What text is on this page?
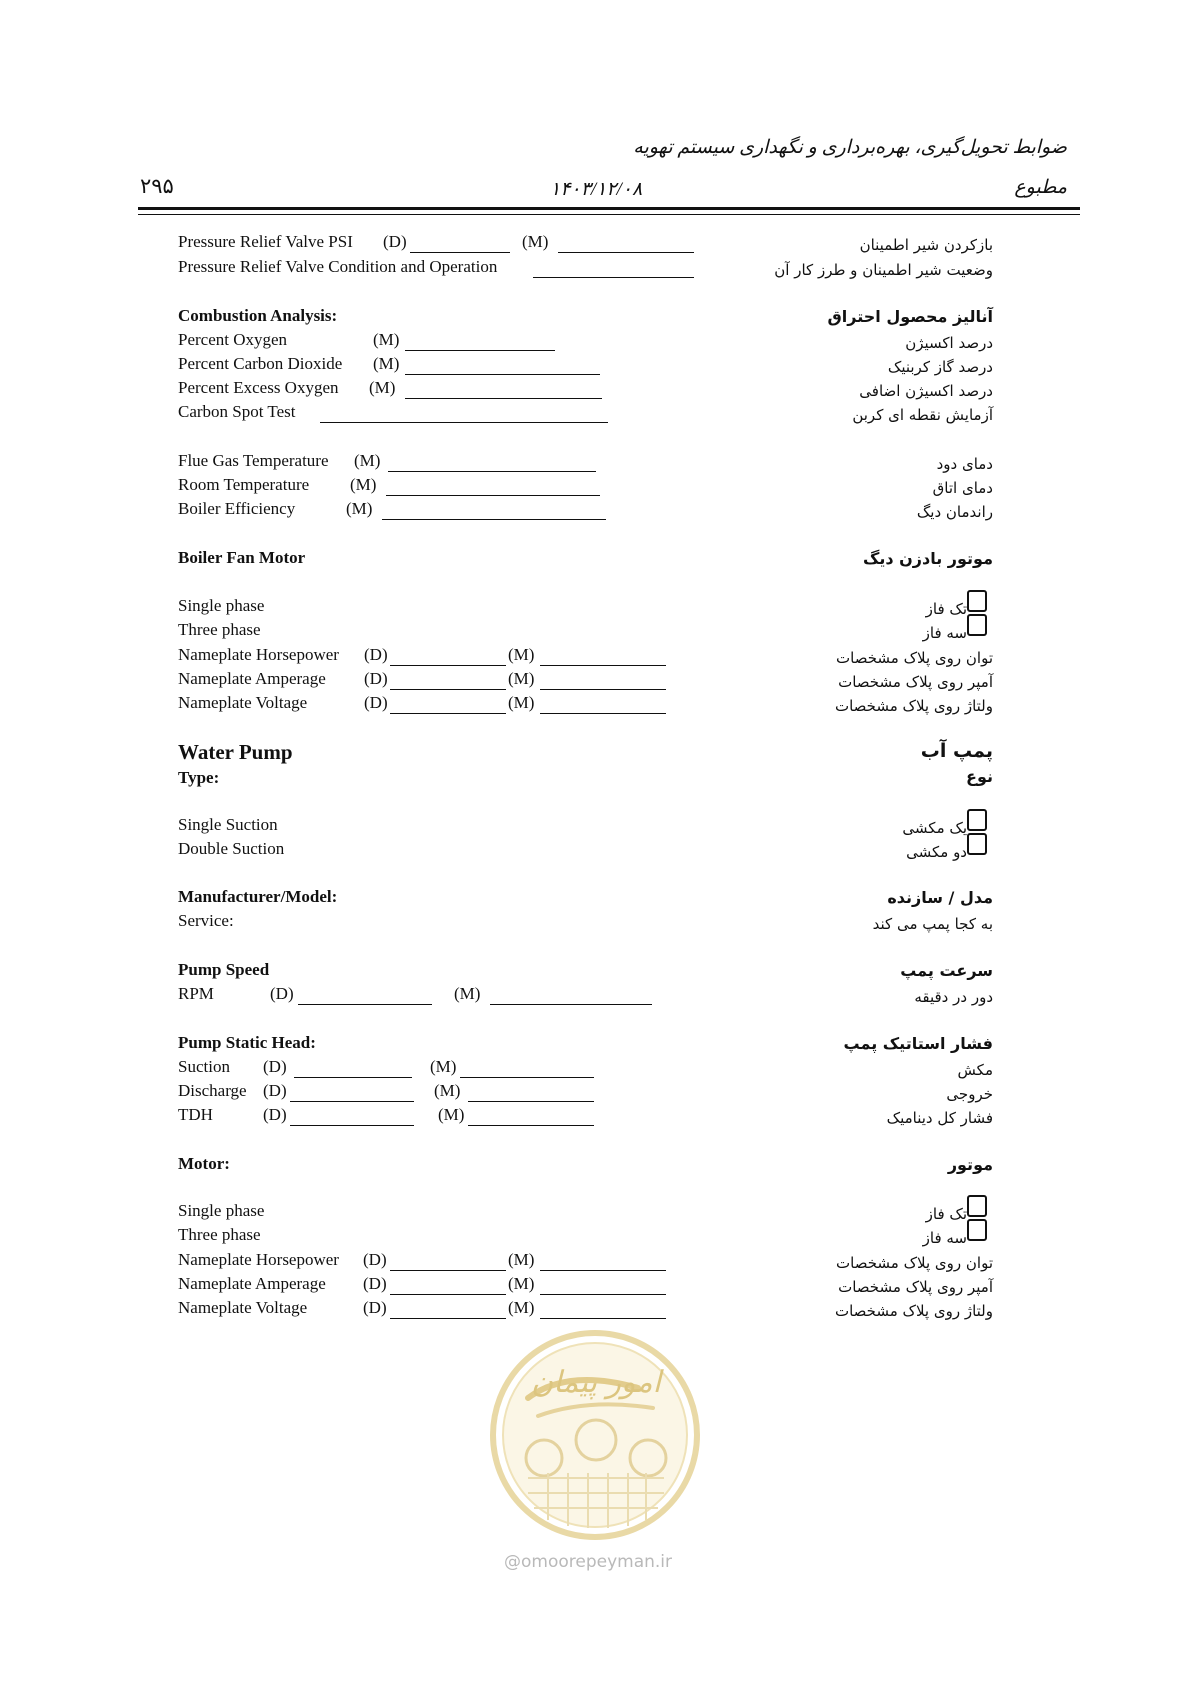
ضوابط تحویل‌گیری، بهره‌برداری و نگهداری سیستم تهویه
۲۹۵	۱۴۰۳/۱۲/۰۸	مطبوع
Pressure Relief Valve PSI (D)	(M)	بازکردن شیر اطمینان
Pressure Relief Valve Condition and Operation	وضعیت شیر اطمینان و طرز کار آن
Combustion Analysis:	آنالیز محصول احتراق
Percent Oxygen	(M)	درصد اکسیژن
Percent Carbon Dioxide (M)	درصد گاز کربنیک
Percent Excess Oxygen (M)	درصد اکسیژن اضافی
Carbon Spot Test	آزمایش نقطه ای کربن
Flue Gas Temperature (M)	دمای دود
Room Temperature (M)	دمای اتاق
Boiler Efficiency	(M)	راندمان دیگ
Boiler Fan Motor	موتور بادزن دیگ
Single phase	تک فاز
Three phase	سه فاز
Nameplate Horsepower (D)	(M)	توان روی پلاک مشخصات
Nameplate Amperage (D)	(M)	آمپر روی پلاک مشخصات
Nameplate Voltage	(D)	(M)	ولتاژ روی پلاک مشخصات
Water Pump	پمپ آب
Type:	نوع
Single Suction	یک مکشی
Double Suction	دو مکشی
Manufacturer/Model:	مدل / سازنده
Service:	به کجا پمپ می کند
Pump Speed	سرعت پمپ
RPM	(D)	(M)	دور در دقیقه
Pump Static Head:	فشار استاتیک پمپ
Suction (D)	(M)	مکش
Discharge (D)	(M)	خروجی
TDH	(D)	(M)	فشار کل دینامیک
Motor:	موتور
Single phase	تک فاز
Three phase	سه فاز
Nameplate Horsepower (D)	(M)	توان روی پلاک مشخصات
Nameplate Amperage (D)	(M)	آمپر روی پلاک مشخصات
Nameplate Voltage	(D)	(M)	ولتاژ روی پلاک مشخصات
امور پیمان
@omoorepeyman.ir
